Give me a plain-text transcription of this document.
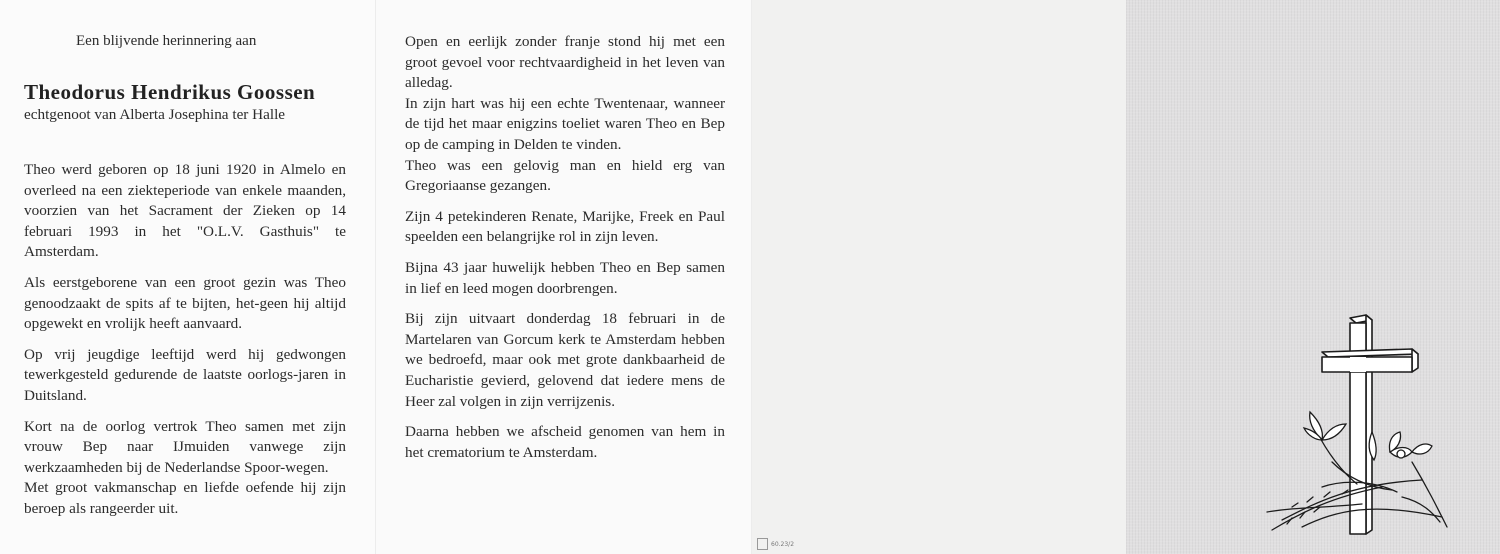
Een blijvende herinnering aan
Theodorus Hendrikus Goossen
echtgenoot van Alberta Josephina ter Halle

Theo werd geboren op 18 juni 1920 in Almelo en overleed na een ziekteperiode van enkele maanden, voorzien van het Sacrament der Zieken op 14 februari 1993 in het "O.L.V. Gasthuis" te Amsterdam.

Als eerstgeborene van een groot gezin was Theo genoodzaakt de spits af te bijten, het-geen hij altijd opgewekt en vrolijk heeft aanvaard.

Op vrij jeugdige leeftijd werd hij gedwongen tewerkgesteld gedurende de laatste oorlogs-jaren in Duitsland.

Kort na de oorlog vertrok Theo samen met zijn vrouw Bep naar IJmuiden vanwege zijn werkzaamheden bij de Nederlandse Spoor-wegen.

Met groot vakmanschap en liefde oefende hij zijn beroep als rangeerder uit.

Open en eerlijk zonder franje stond hij met een groot gevoel voor rechtvaardigheid in het leven van alledag.

In zijn hart was hij een echte Twentenaar, wanneer de tijd het maar enigzins toeliet waren Theo en Bep op de camping in Delden te vinden.

Theo was een gelovig man en hield erg van Gregoriaanse gezangen.

Zijn 4 petekinderen Renate, Marijke, Freek en Paul speelden een belangrijke rol in zijn leven.

Bijna 43 jaar huwelijk hebben Theo en Bep samen in lief en leed mogen doorbrengen.

Bij zijn uitvaart donderdag 18 februari in de Martelaren van Gorcum kerk te Amsterdam hebben we bedroefd, maar ook met grote dankbaarheid de Eucharistie gevierd, gelovend dat iedere mens de Heer zal volgen in zijn verrijzenis.

Daarna hebben we afscheid genomen van hem in het crematorium te Amsterdam.

60.23/2
